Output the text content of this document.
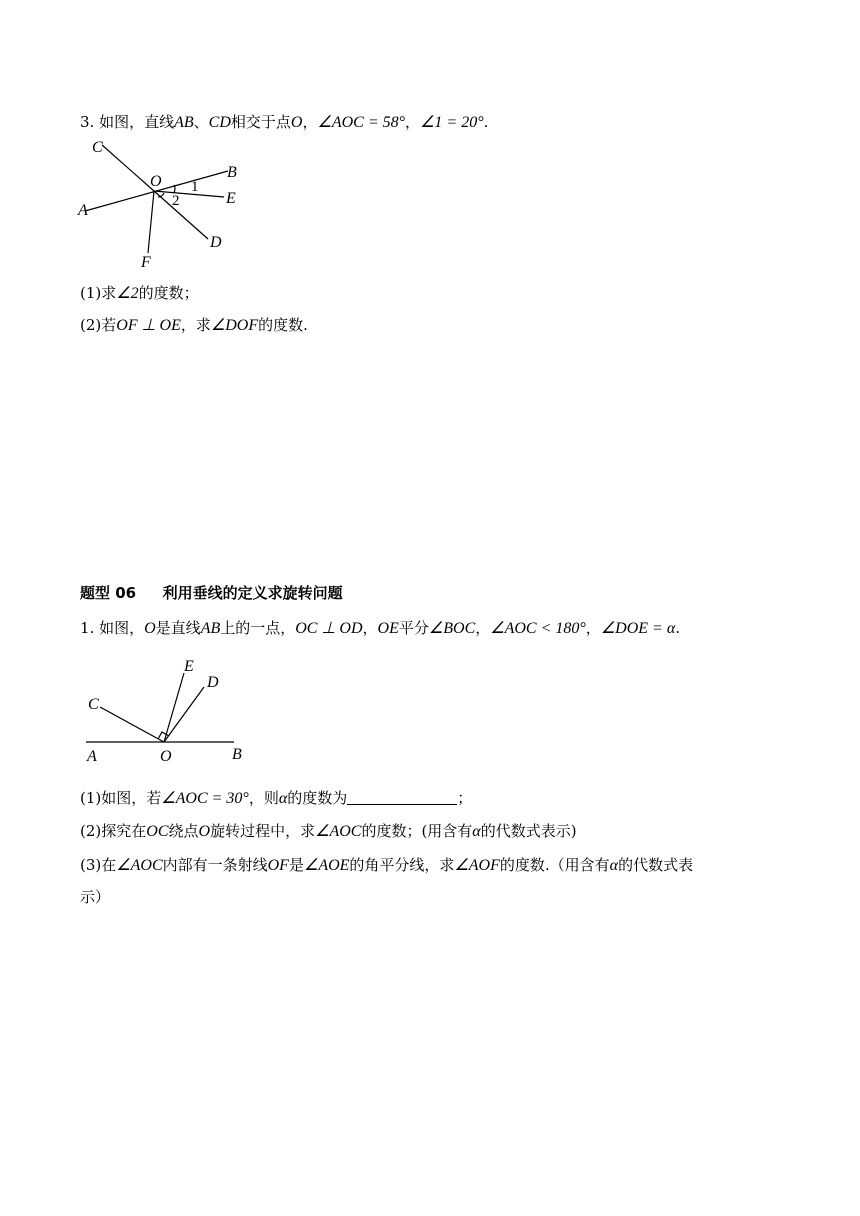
3. 如图，直线AB、CD相交于点O，∠AOC = 58°，∠1 = 20°.
C
B
O 1
E
A
2
D
F
(1)求∠2的度数；
(2)若OF ⊥ OE，求∠DOF的度数.
题型 06 利用垂线的定义求旋转问题
1. 如图，O是直线AB上的一点，OC ⊥ OD，OE平分∠BOC，∠AOC < 180°，∠DOE = α.
E
D
C
A	O	B
(1)如图，若∠AOC = 30°，则α的度数为	；
(2)探究在OC绕点O旋转过程中，求∠AOC的度数；(用含有α的代数式表示)
(3)在∠AOC内部有一条射线OF是∠AOE的角平分线，求∠AOF的度数.（用含有α的代数式表
示）
